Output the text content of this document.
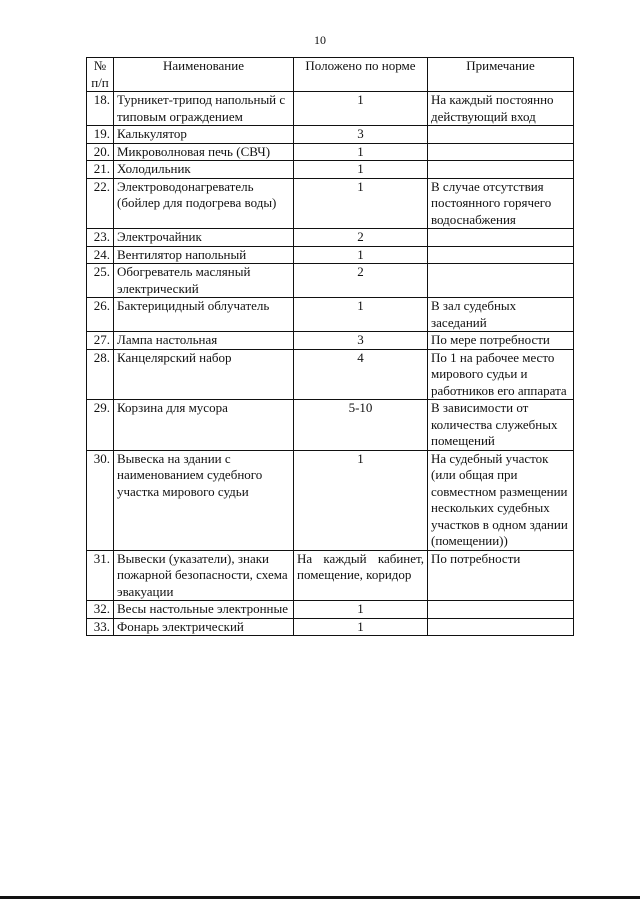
10
№ п/п	Наименование	Положено по норме	Примечание
18.	Турникет-трипод напольный с типовым ограждением	1	На каждый постоянно действующий вход
19.	Калькулятор	3	
20.	Микроволновая печь (СВЧ)	1	
21.	Холодильник	1	
22.	Электроводонагреватель (бойлер для подогрева воды)	1	В случае отсутствия постоянного горячего водоснабжения
23.	Электрочайник	2	
24.	Вентилятор напольный	1	
25.	Обогреватель масляный электрический	2	
26.	Бактерицидный облучатель	1	В зал судебных заседаний
27.	Лампа настольная	3	По мере потребности
28.	Канцелярский набор	4	По 1 на рабочее место мирового судьи и работников его аппарата
29.	Корзина для мусора	5-10	В зависимости от количества служебных помещений
30.	Вывеска на здании с наименованием судебного участка мирового судьи	1	На судебный участок (или общая при совместном размещении нескольких судебных участков в одном здании (помещении))
31.	Вывески (указатели), знаки пожарной безопасности, схема эвакуации	На каждый кабинет, помещение, коридор	По потребности
32.	Весы настольные электронные	1	
33.	Фонарь электрический	1	
